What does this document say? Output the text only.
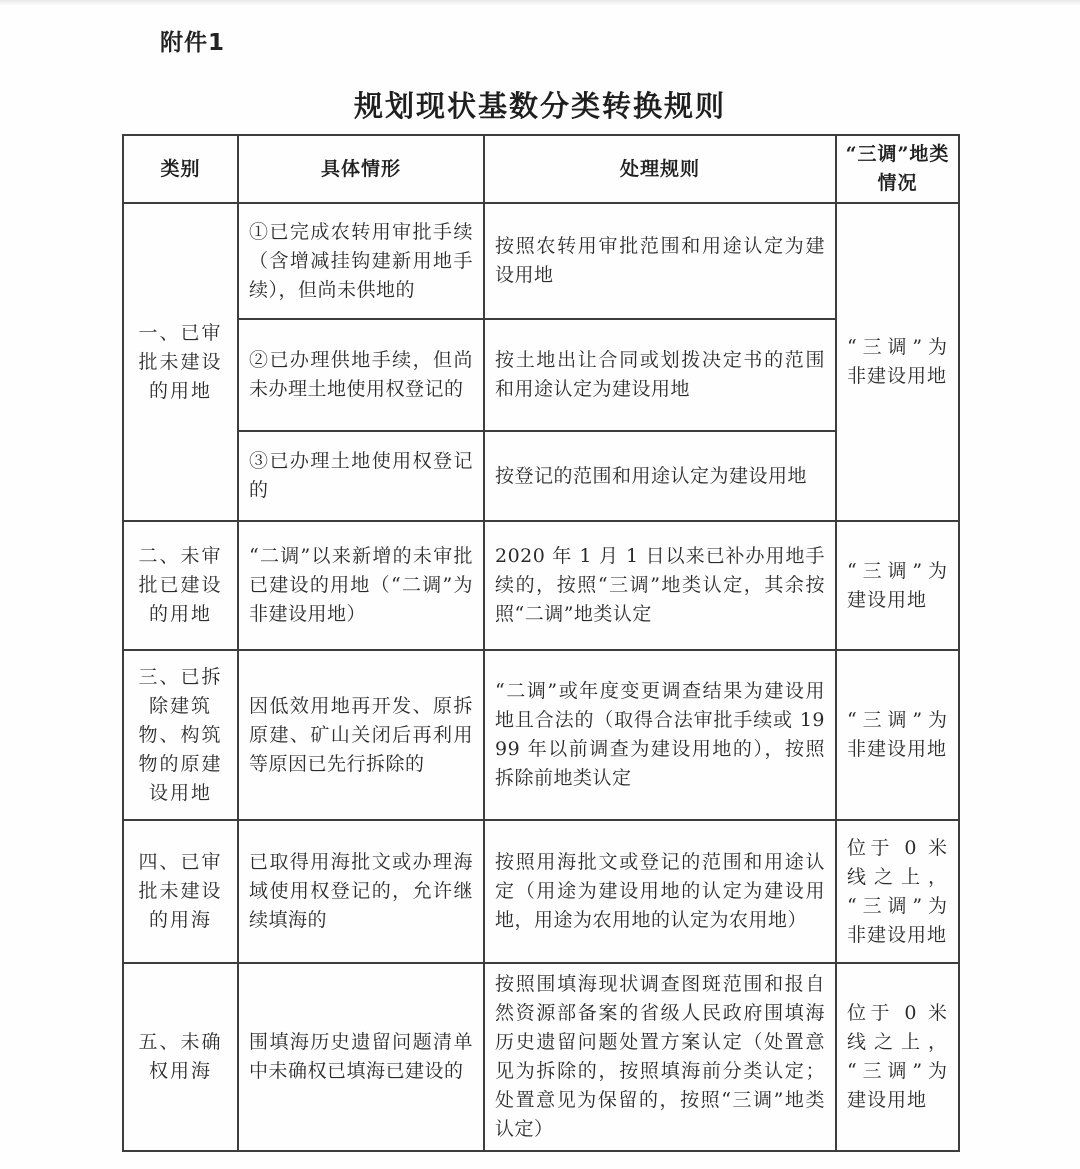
附件1
规划现状基数分类转换规则
类别	具体情形	处理规则	“三调”地类情况
一、已审批未建设的用地	①已完成农转用审批手续（含增减挂钩建新用地手续），但尚未供地的	按照农转用审批范围和用途认定为建设用地	“三调”为非建设用地
	②已办理供地手续，但尚未办理土地使用权登记的	按土地出让合同或划拨决定书的范围和用途认定为建设用地	
	③已办理土地使用权登记的	按登记的范围和用途认定为建设用地	
二、未审批已建设的用地	“二调”以来新增的未审批已建设的用地（“二调”为非建设用地）	2020 年 1 月 1 日以来已补办用地手续的，按照“三调”地类认定，其余按照“二调”地类认定	“三调”为建设用地
三、已拆除建筑物、构筑物的原建设用地	因低效用地再开发、原拆原建、矿山关闭后再利用等原因已先行拆除的	“二调”或年度变更调查结果为建设用地且合法的（取得合法审批手续或 1999 年以前调查为建设用地的），按照拆除前地类认定	“三调”为非建设用地
四、已审批未建设的用海	已取得用海批文或办理海域使用权登记的，允许继续填海的	按照用海批文或登记的范围和用途认定（用途为建设用地的认定为建设用地，用途为农用地的认定为农用地）	位于 0 米线之上，“三调”为非建设用地
五、未确权用海	围填海历史遗留问题清单中未确权已填海已建设的	按照围填海现状调查图斑范围和报自然资源部备案的省级人民政府围填海历史遗留问题处置方案认定（处置意见为拆除的，按照填海前分类认定；处置意见为保留的，按照“三调”地类认定）	位于 0 米线之上，“三调”为建设用地
